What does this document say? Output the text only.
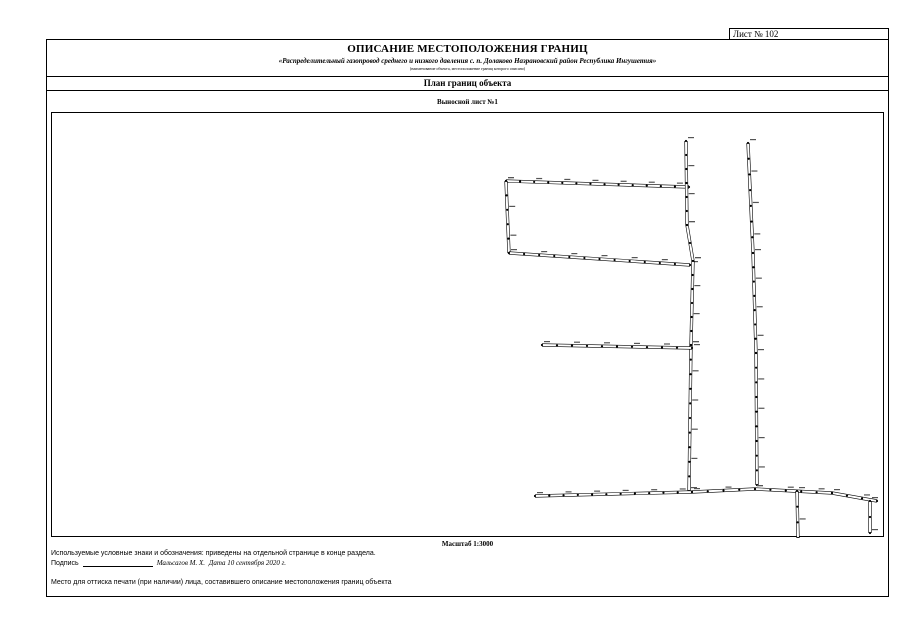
Лист № 102
ОПИСАНИЕ МЕСТОПОЛОЖЕНИЯ ГРАНИЦ
«Распределительный газопровод среднего и низкого давления с. п. Долаково Назрановский район Республика Ингушетия»
(наименование объекта, местоположение границ которого описано)
План границ объекта
Выносной лист №1
Масштаб 1:3000
Используемые условные знаки и обозначения: приведены на отдельной странице в конце раздела.
Подпись	Мальсагов М. Х. Дата 10 сентября 2020 г.
Место для оттиска печати (при наличии) лица, составившего описание местоположения границ объекта
